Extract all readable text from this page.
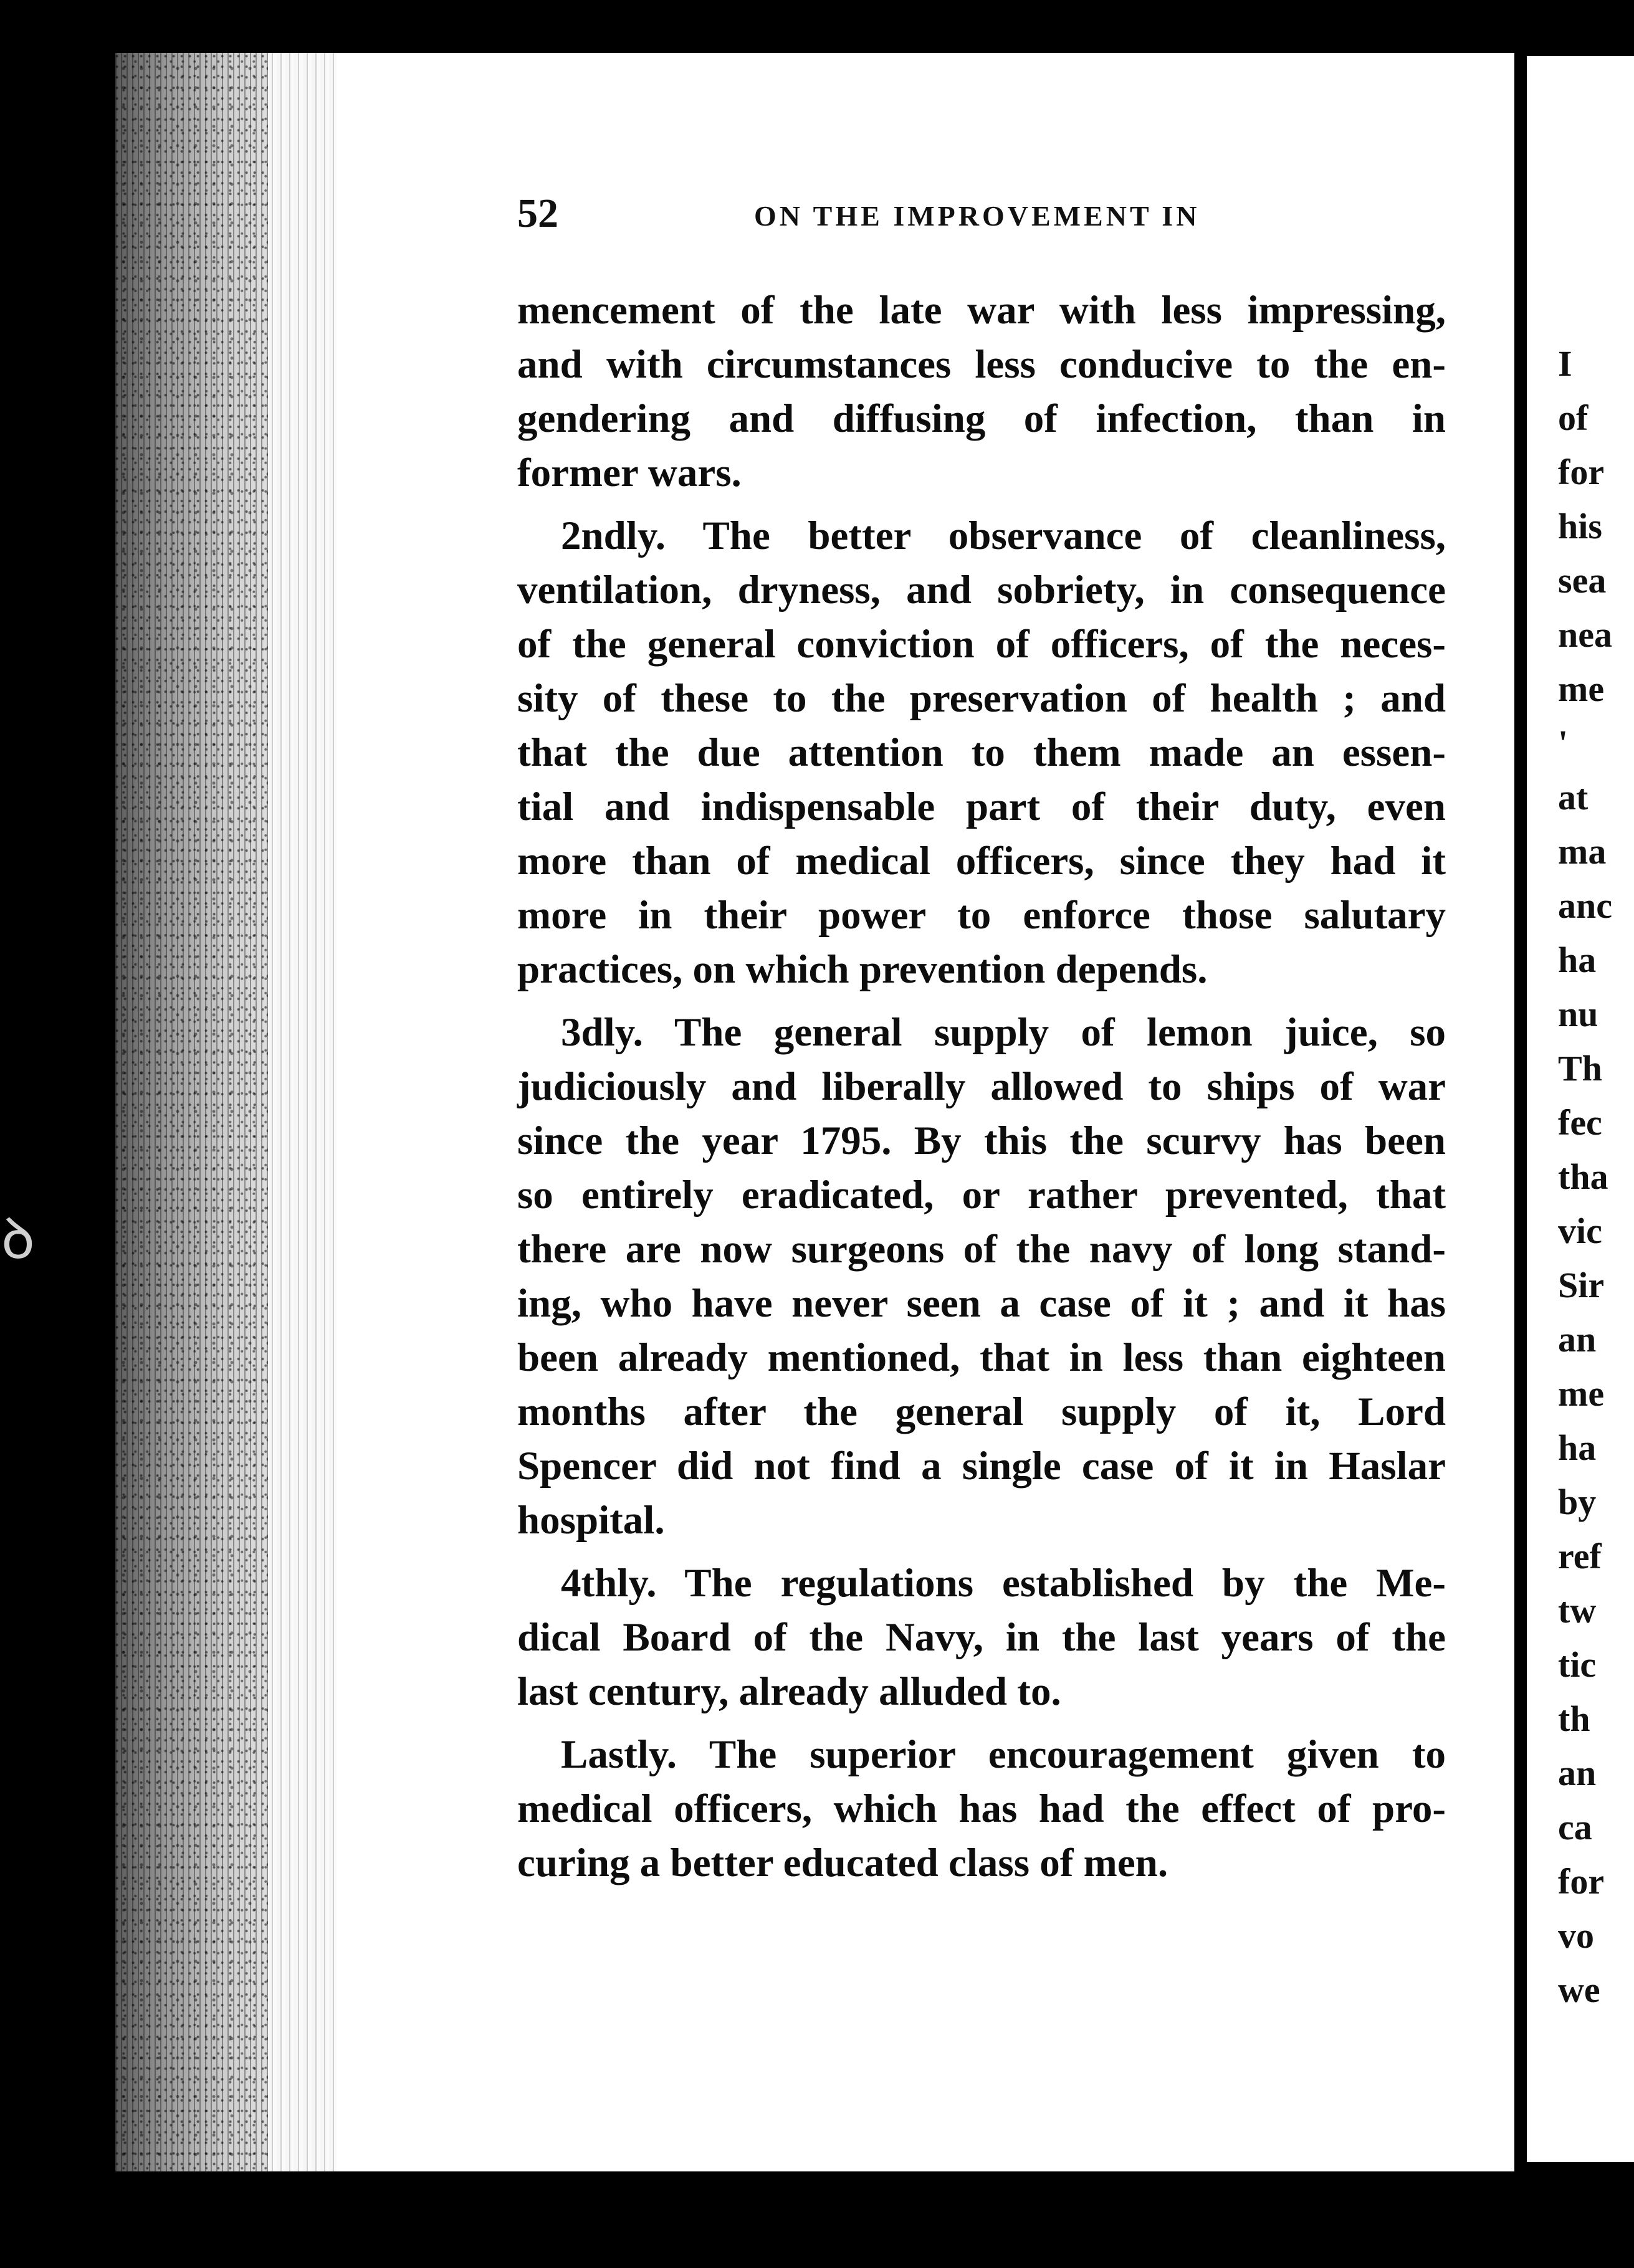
ꝺ
52	ON THE IMPROVEMENT IN
mencement of the late war with less impressing,
and with circumstances less conducive to the en-
gendering and diffusing of infection, than in
former wars.
2ndly. The better observance of cleanliness,
ventilation, dryness, and sobriety, in consequence
of the general conviction of officers, of the neces-
sity of these to the preservation of health ; and
that the due attention to them made an essen-
tial and indispensable part of their duty, even
more than of medical officers, since they had it
more in their power to enforce those salutary
practices, on which prevention depends.
3dly. The general supply of lemon juice, so
judiciously and liberally allowed to ships of war
since the year 1795. By this the scurvy has been
so entirely eradicated, or rather prevented, that
there are now surgeons of the navy of long stand-
ing, who have never seen a case of it ; and it has
been already mentioned, that in less than eighteen
months after the general supply of it, Lord
Spencer did not find a single case of it in Haslar
hospital.
4thly. The regulations established by the Me-
dical Board of the Navy, in the last years of the
last century, already alluded to.
Lastly. The superior encouragement given to
medical officers, which has had the effect of pro-
curing a better educated class of men.
I
of
for
his
sea
nea
me
'
at
ma
anc
ha
nu
Th
fec
tha
vic
Sir
an
me
ha
by
ref
tw
tic
th
an
ca
for
vo
we
